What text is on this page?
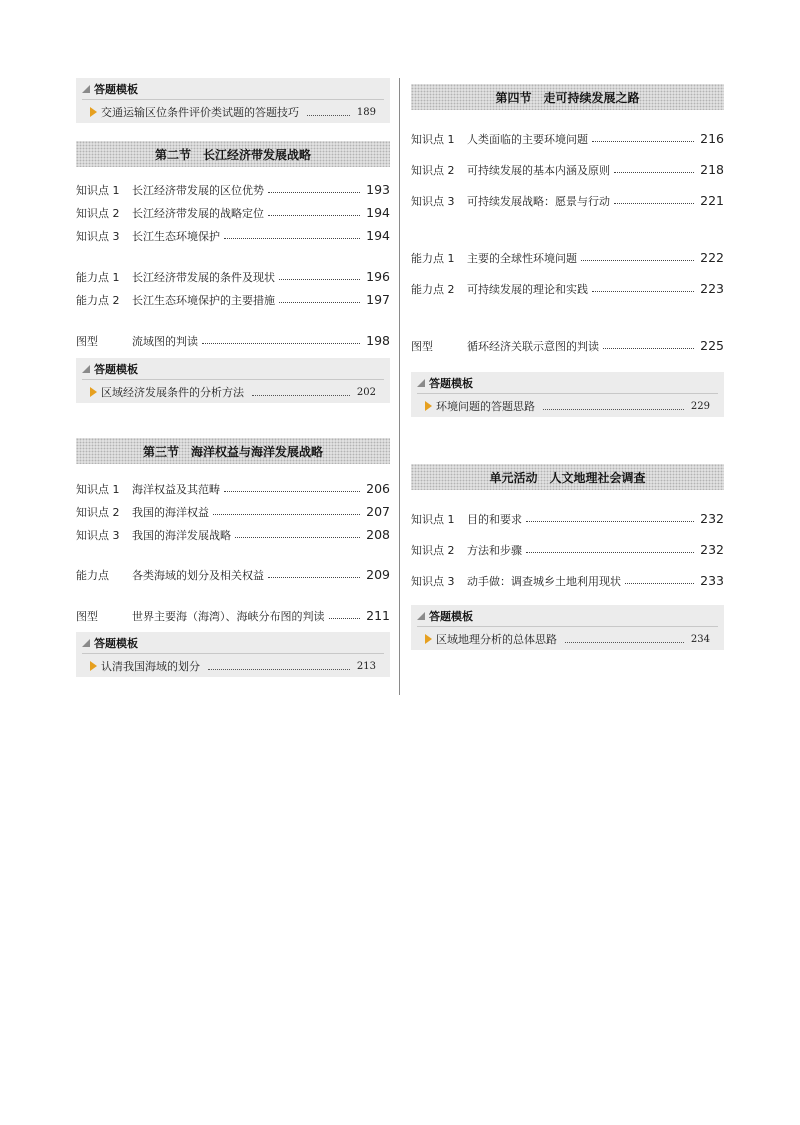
答题模板
交通运输区位条件评价类试题的答题技巧	189
第二节　长江经济带发展战略
知识点 1	长江经济带发展的区位优势	193
知识点 2	长江经济带发展的战略定位	194
知识点 3	长江生态环境保护	194
能力点 1	长江经济带发展的条件及现状	196
能力点 2	长江生态环境保护的主要措施	197
图型	流域图的判读	198
答题模板
区域经济发展条件的分析方法	202
第三节　海洋权益与海洋发展战略
知识点 1	海洋权益及其范畴	206
知识点 2	我国的海洋权益	207
知识点 3	我国的海洋发展战略	208
能力点	各类海域的划分及相关权益	209
图型	世界主要海（海湾）、海峡分布图的判读	211
答题模板
认清我国海域的划分	213
第四节　走可持续发展之路
知识点 1	人类面临的主要环境问题	216
知识点 2	可持续发展的基本内涵及原则	218
知识点 3	可持续发展战略：愿景与行动	221
能力点 1	主要的全球性环境问题	222
能力点 2	可持续发展的理论和实践	223
图型	循环经济关联示意图的判读	225
答题模板
环境问题的答题思路	229
单元活动　人文地理社会调查
知识点 1	目的和要求	232
知识点 2	方法和步骤	232
知识点 3	动手做：调查城乡土地利用现状	233
答题模板
区域地理分析的总体思路	234
